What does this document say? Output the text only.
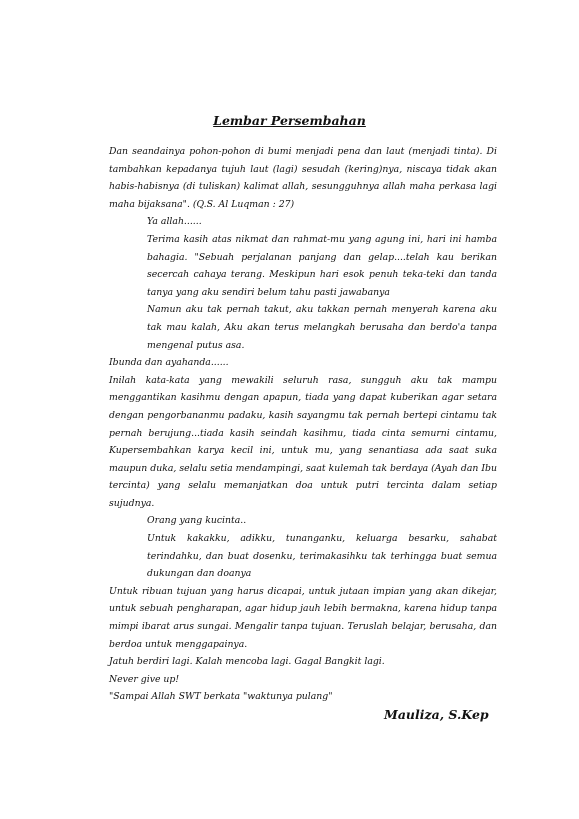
Lembar Persembahan

Dan seandainya pohon-pohon di bumi menjadi pena dan laut (menjadi tinta). Di tambahkan kepadanya tujuh laut (lagi) sesudah (kering)nya, niscaya tidak akan habis-habisnya (di tuliskan) kalimat allah, sesungguhnya allah maha perkasa lagi maha bijaksana". (Q.S. Al Luqman : 27)

Ya allah......

Terima kasih atas nikmat dan rahmat-mu yang agung ini, hari ini hamba bahagia. "Sebuah perjalanan panjang dan gelap....telah kau berikan secercah cahaya terang. Meskipun hari esok penuh teka-teki dan tanda tanya yang aku sendiri belum tahu pasti jawabanya

Namun aku tak pernah takut, aku takkan pernah menyerah karena aku tak mau kalah, Aku akan terus melangkah berusaha dan berdo'a tanpa mengenal putus asa.

Ibunda dan ayahanda......

Inilah kata-kata yang mewakili seluruh rasa, sungguh aku tak mampu menggantikan kasihmu dengan apapun, tiada yang dapat kuberikan agar setara dengan pengorbananmu padaku, kasih sayangmu tak pernah bertepi cintamu tak pernah berujung...tiada kasih seindah kasihmu, tiada cinta semurni cintamu, Kupersembahkan karya kecil ini, untuk mu, yang senantiasa ada saat suka maupun duka, selalu setia mendampingi, saat kulemah tak berdaya (Ayah dan Ibu tercinta) yang selalu memanjatkan doa untuk putri tercinta dalam setiap sujudnya.

Orang yang kucinta..

Untuk kakakku, adikku, tunanganku, keluarga besarku, sahabat terindahku, dan buat dosenku, terimakasihku tak terhingga buat semua dukungan dan doanya

Untuk ribuan tujuan yang harus dicapai, untuk jutaan impian yang akan dikejar, untuk sebuah pengharapan, agar hidup jauh lebih bermakna, karena hidup tanpa mimpi ibarat arus sungai. Mengalir tanpa tujuan. Teruslah belajar, berusaha, dan berdoa untuk menggapainya.

Jatuh berdiri lagi. Kalah mencoba lagi. Gagal Bangkit lagi.

Never give up!

"Sampai Allah SWT berkata "waktunya pulang"

Mauliza, S.Kep
